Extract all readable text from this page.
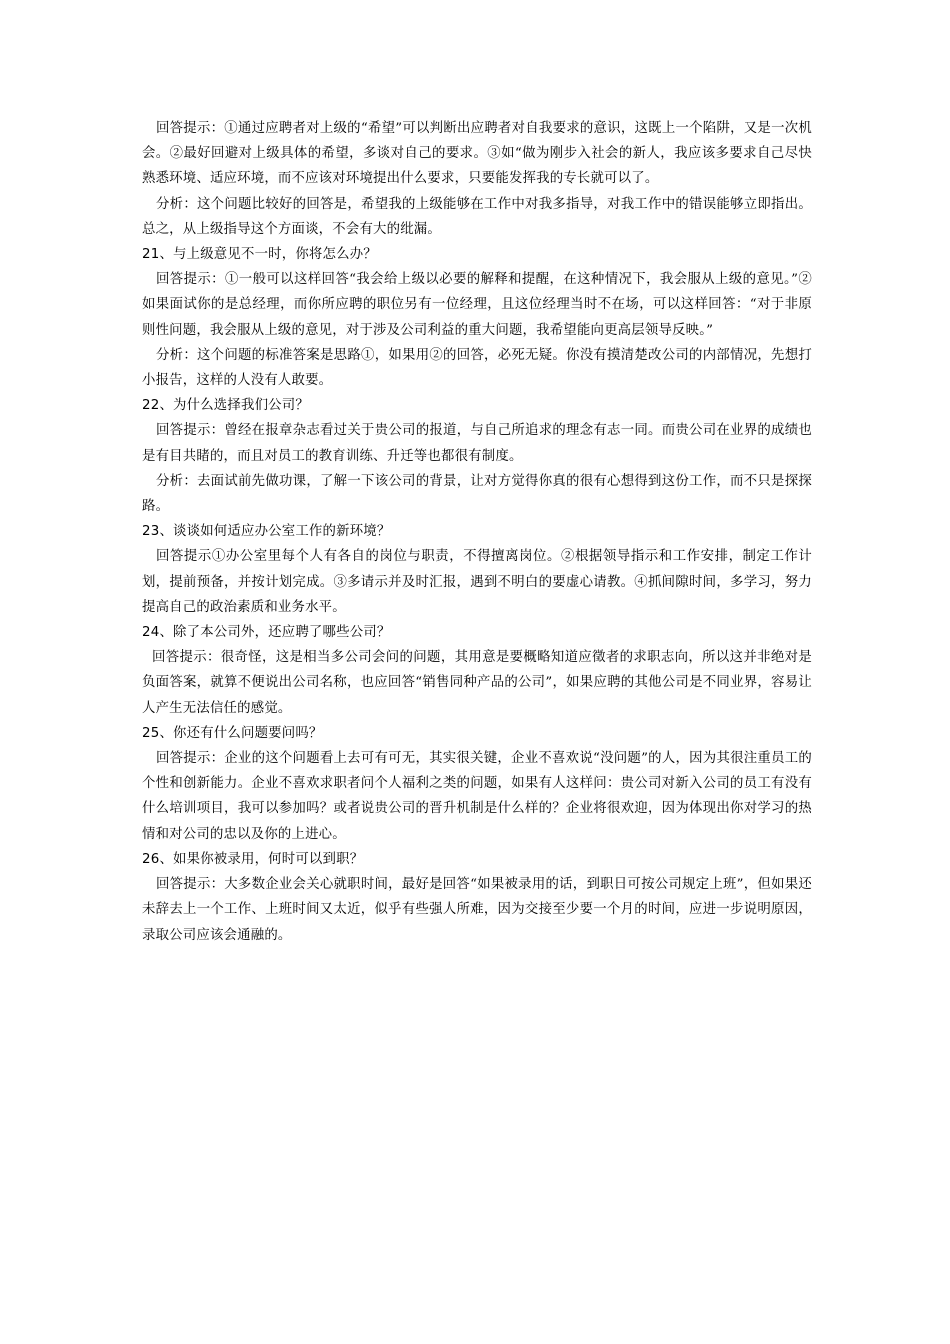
回答提示：①通过应聘者对上级的“希望”可以判断出应聘者对自我要求的意识，这既上一个陷阱，又是一次机会。②最好回避对上级具体的希望，多谈对自己的要求。③如“做为刚步入社会的新人，我应该多要求自己尽快熟悉环境、适应环境，而不应该对环境提出什么要求，只要能发挥我的专长就可以了。

分析：这个问题比较好的回答是，希望我的上级能够在工作中对我多指导，对我工作中的错误能够立即指出。总之，从上级指导这个方面谈，不会有大的纰漏。

21、与上级意见不一时，你将怎么办？

回答提示：①一般可以这样回答“我会给上级以必要的解释和提醒，在这种情况下，我会服从上级的意见。”②如果面试你的是总经理，而你所应聘的职位另有一位经理，且这位经理当时不在场，可以这样回答：“对于非原则性问题，我会服从上级的意见，对于涉及公司利益的重大问题，我希望能向更高层领导反映。”

分析：这个问题的标准答案是思路①，如果用②的回答，必死无疑。你没有摸清楚改公司的内部情况，先想打小报告，这样的人没有人敢要。

22、为什么选择我们公司？

回答提示：曾经在报章杂志看过关于贵公司的报道，与自己所追求的理念有志一同。而贵公司在业界的成绩也是有目共睹的，而且对员工的教育训练、升迁等也都很有制度。

分析：去面试前先做功课，了解一下该公司的背景，让对方觉得你真的很有心想得到这份工作，而不只是探探路。

23、谈谈如何适应办公室工作的新环境？

回答提示①办公室里每个人有各自的岗位与职责，不得擅离岗位。②根据领导指示和工作安排，制定工作计划，提前预备，并按计划完成。③多请示并及时汇报，遇到不明白的要虚心请教。④抓间隙时间，多学习，努力提高自己的政治素质和业务水平。

24、除了本公司外，还应聘了哪些公司？

回答提示：很奇怪，这是相当多公司会问的问题，其用意是要概略知道应徵者的求职志向，所以这并非绝对是负面答案，就算不便说出公司名称，也应回答“销售同种产品的公司”，如果应聘的其他公司是不同业界，容易让人产生无法信任的感觉。

25、你还有什么问题要问吗？

回答提示：企业的这个问题看上去可有可无，其实很关键，企业不喜欢说“没问题”的人，因为其很注重员工的个性和创新能力。企业不喜欢求职者问个人福利之类的问题，如果有人这样问：贵公司对新入公司的员工有没有什么培训项目，我可以参加吗？或者说贵公司的晋升机制是什么样的？企业将很欢迎，因为体现出你对学习的热情和对公司的忠以及你的上进心。

26、如果你被录用，何时可以到职？

回答提示：大多数企业会关心就职时间，最好是回答“如果被录用的话，到职日可按公司规定上班”，但如果还未辞去上一个工作、上班时间又太近，似乎有些强人所难，因为交接至少要一个月的时间，应进一步说明原因，录取公司应该会通融的。
